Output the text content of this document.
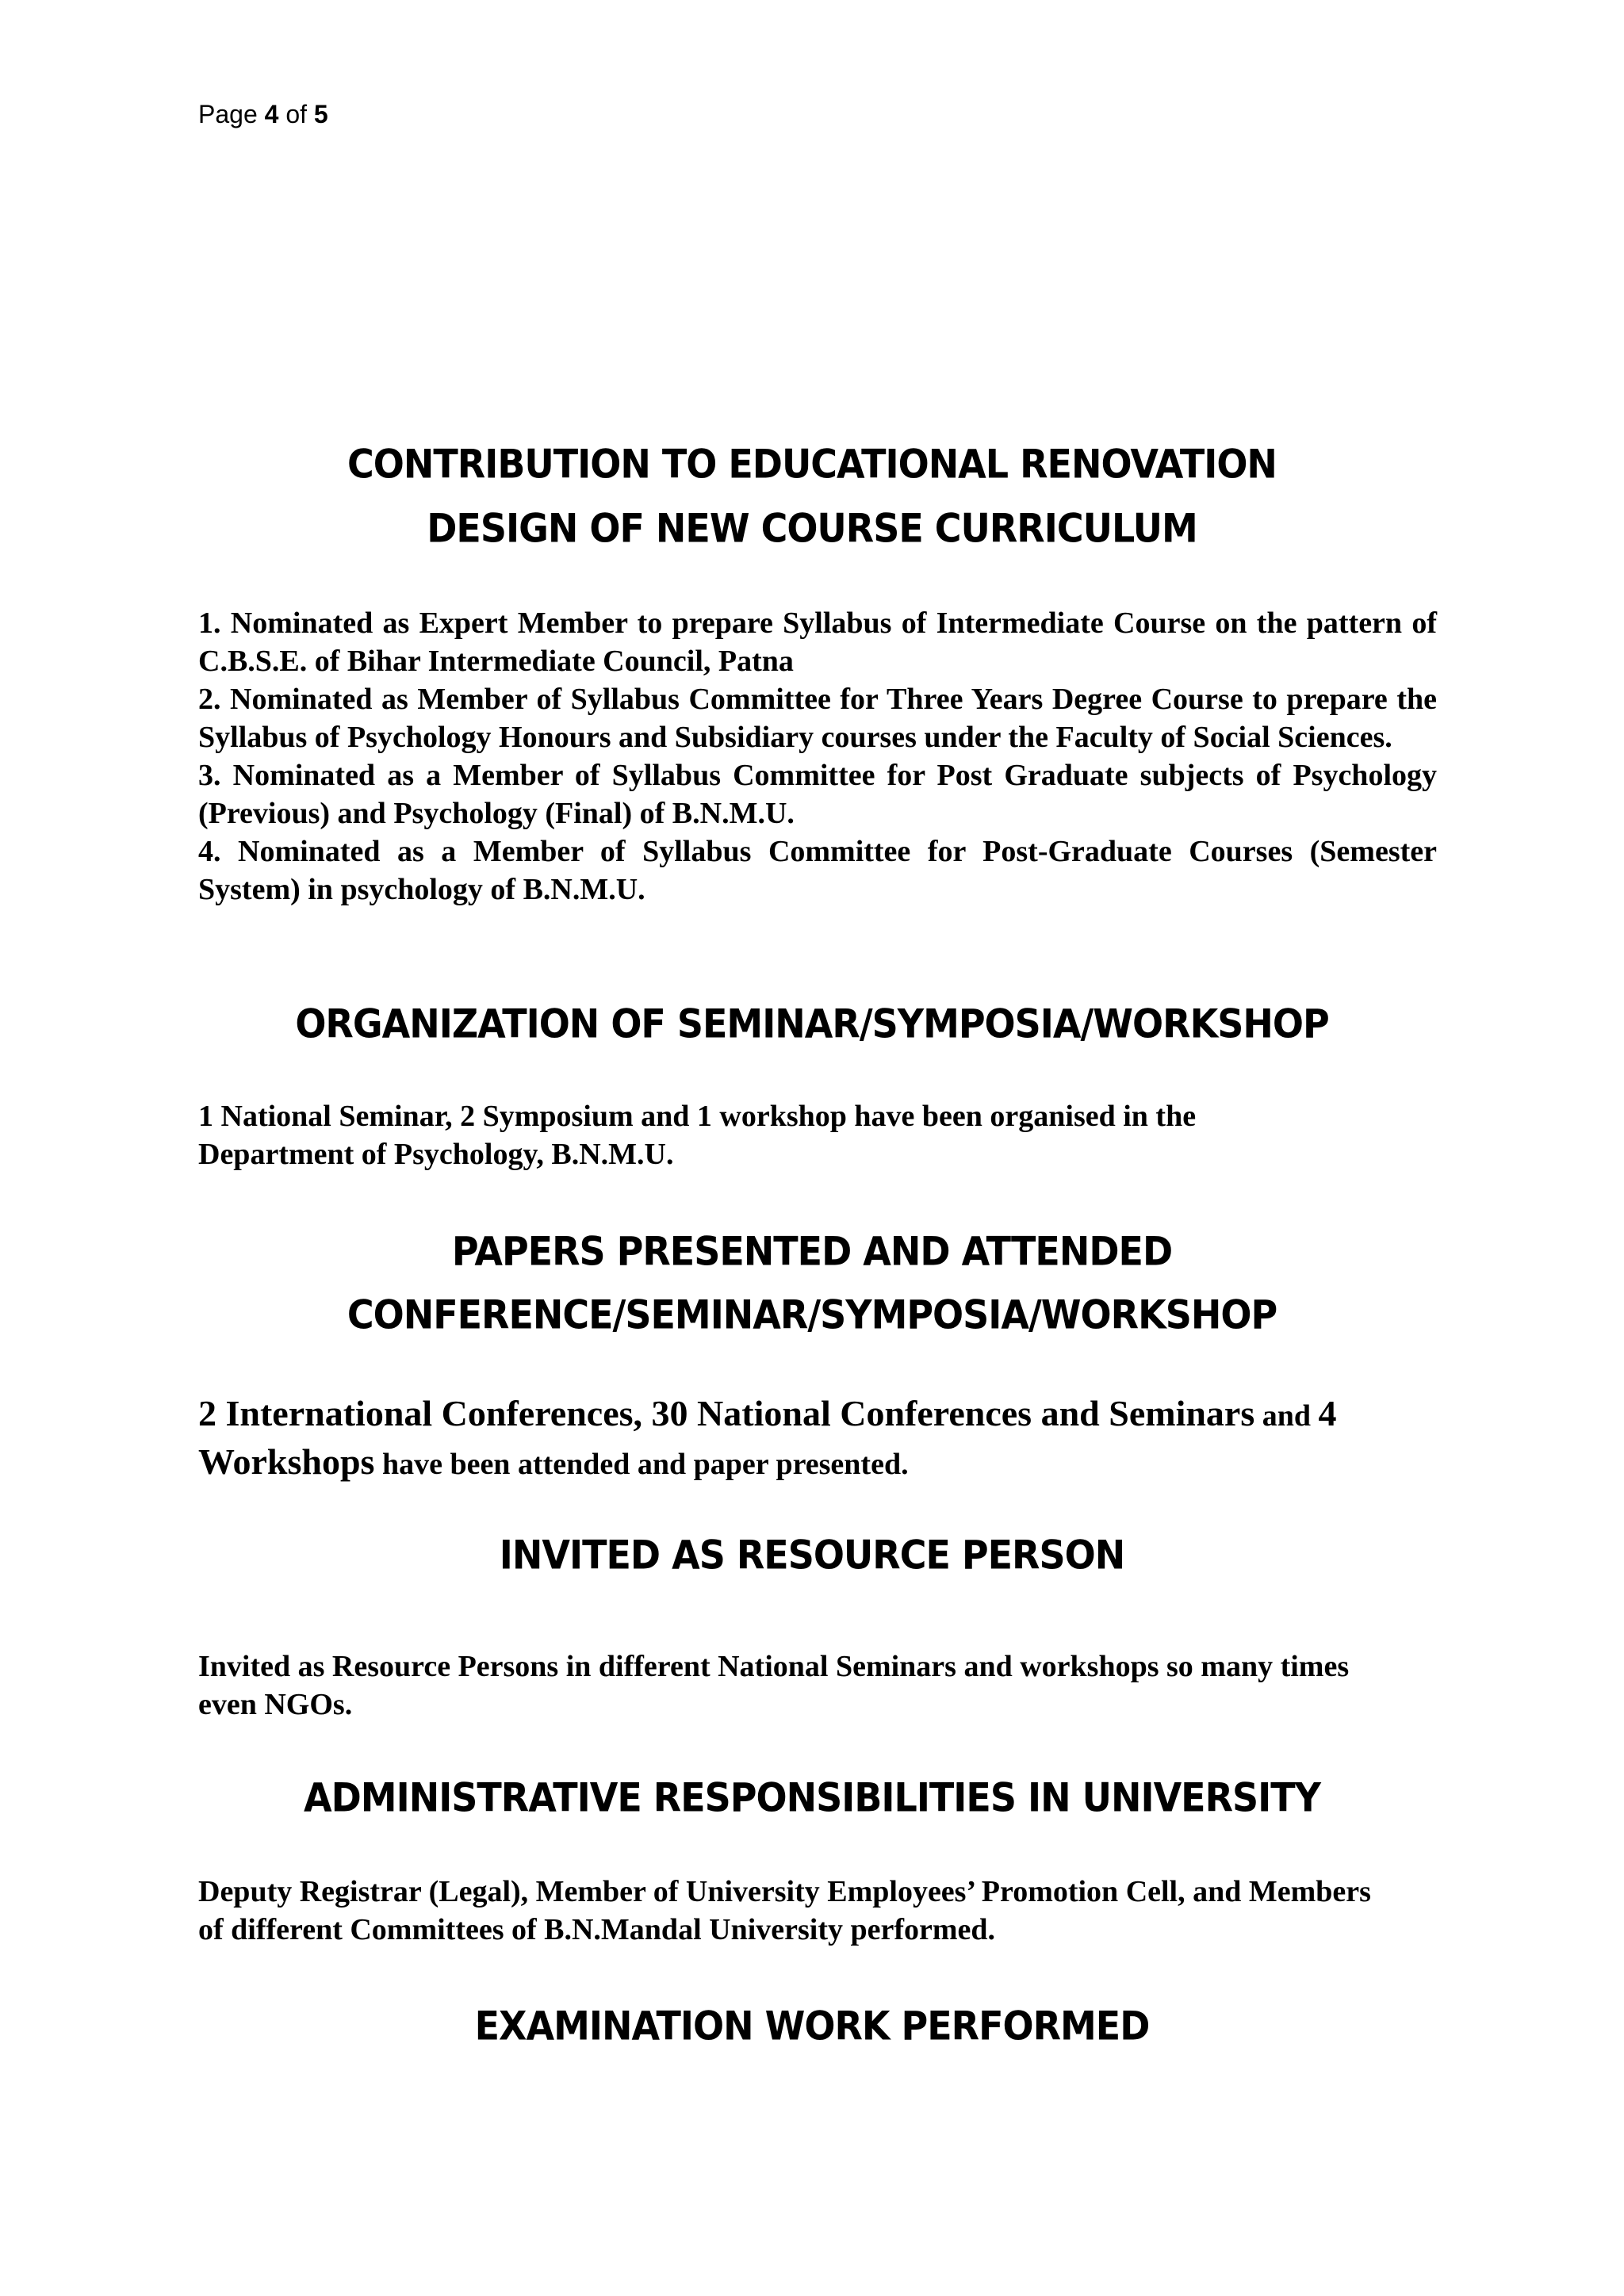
Page 4 of 5
CONTRIBUTION TO EDUCATIONAL RENOVATION
DESIGN OF NEW COURSE CURRICULUM
1. Nominated as Expert Member to prepare Syllabus of Intermediate Course on the pattern of C.B.S.E. of Bihar Intermediate Council, Patna
2. Nominated as Member of Syllabus Committee for Three Years Degree Course to prepare the Syllabus of Psychology Honours and Subsidiary courses under the Faculty of Social Sciences.
3. Nominated as a Member of Syllabus Committee for Post Graduate subjects of Psychology (Previous) and Psychology (Final) of B.N.M.U.
4. Nominated as a Member of Syllabus Committee for Post-Graduate Courses (Semester System) in psychology of B.N.M.U.
ORGANIZATION OF SEMINAR/SYMPOSIA/WORKSHOP

1 National Seminar, 2 Symposium and 1 workshop have been organised in the Department of Psychology, B.N.M.U.

PAPERS PRESENTED AND ATTENDED
CONFERENCE/SEMINAR/SYMPOSIA/WORKSHOP

2 International Conferences, 30 National Conferences and Seminars and 4 Workshops have been attended and paper presented.

INVITED AS RESOURCE PERSON

Invited as Resource Persons in different National Seminars and workshops so many times even NGOs.

ADMINISTRATIVE RESPONSIBILITIES IN UNIVERSITY

Deputy Registrar (Legal), Member of University Employees’ Promotion Cell, and Members of different Committees of B.N.Mandal University performed.

EXAMINATION WORK PERFORMED
